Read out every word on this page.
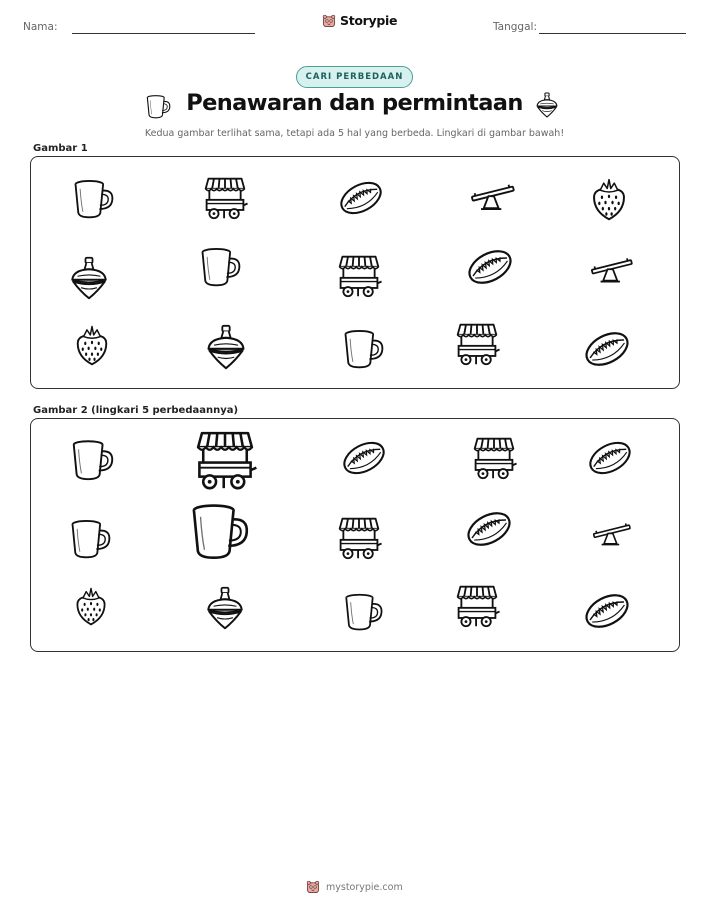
Nama:	Storypie	Tanggal:
CARI PERBEDAAN
Penawaran dan permintaan
Kedua gambar terlihat sama, tetapi ada 5 hal yang berbeda. Lingkari di gambar bawah!
Gambar 1
Gambar 2 (lingkari 5 perbedaannya)
mystorypie.com
